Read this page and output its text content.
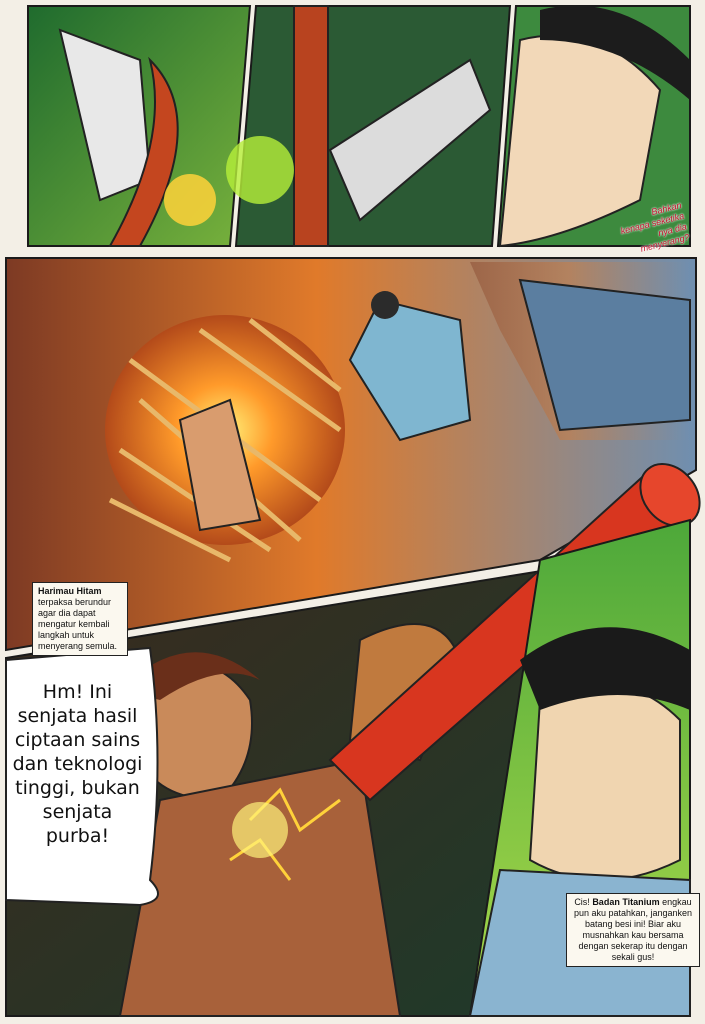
Bahkan
kenapa seketika
nya dia
menyerang?
Harimau Hitam terpaksa berundur agar dia dapat mengatur kembali langkah untuk menyerang semula.
Hm! Ini
senjata hasil
ciptaan sains
dan teknologi
tinggi, bukan
senjata
purba!
Cis! Badan Titanium engkau pun aku patahkan, janganken batang besi ini! Biar aku musnahkan kau bersama dengan sekerap itu dengan sekali gus!
